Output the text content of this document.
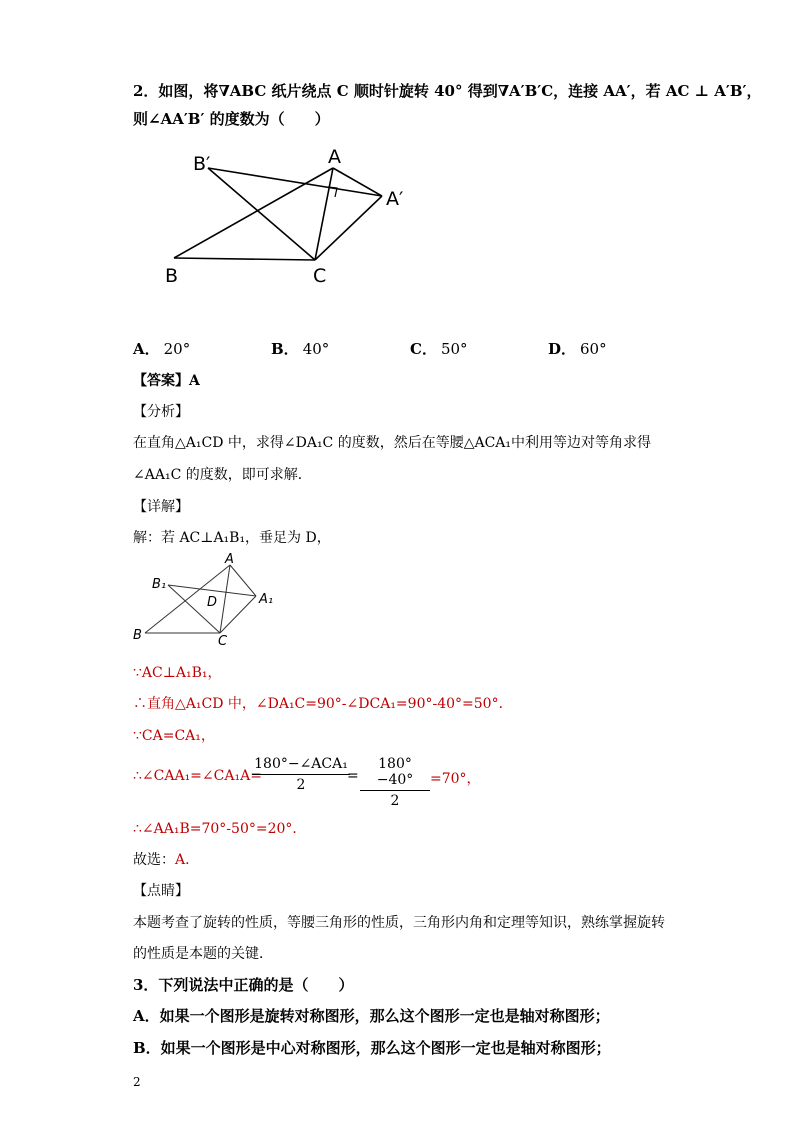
2．如图，将∇ABC 纸片绕点 C 顺时针旋转 40° 得到∇A′B′C，连接 AA′，若 AC ⊥ A′B′，
则∠AA′B′ 的度数为（　　）
B′	A
A′
B	C
A． 20°	B． 40°	C． 50°	D． 60°
【答案】A
【分析】
在直角△A₁CD 中，求得∠DA₁C 的度数，然后在等腰△ACA₁中利用等边对等角求得
∠AA₁C 的度数，即可求解．
【详解】
解：若 AC⊥A₁B₁，垂足为 D，
A
B₁
D	A₁
B	C
∵AC⊥A₁B₁，
∴直角△A₁CD 中，∠DA₁C=90°-∠DCA₁=90°-40°=50°．
∵CA=CA₁，
∴∠CAA₁=∠CA₁A=
180°−∠ACA₁
2
=
180°−40°
2
=70°，
∴∠AA₁B=70°-50°=20°．
故选：A．
【点睛】
本题考查了旋转的性质，等腰三角形的性质，三角形内角和定理等知识，熟练掌握旋转
的性质是本题的关键．
3．下列说法中正确的是（　　）
A．如果一个图形是旋转对称图形，那么这个图形一定也是轴对称图形；
B．如果一个图形是中心对称图形，那么这个图形一定也是轴对称图形；
2
